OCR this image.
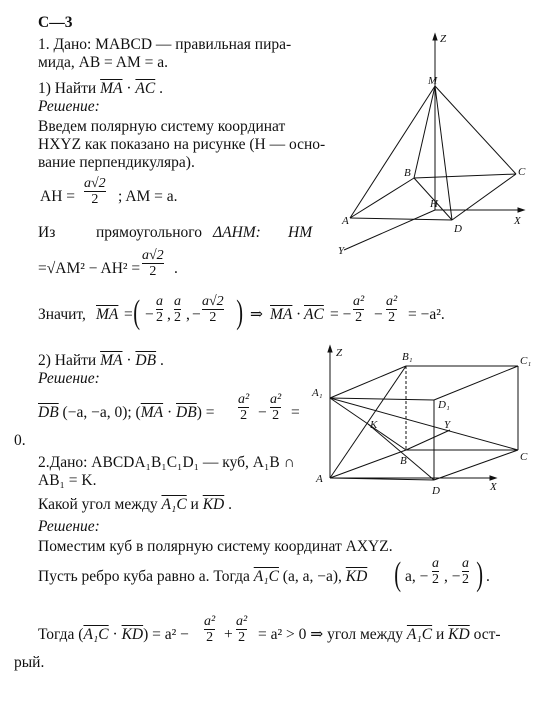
С—3
1. Дано: MABCD — правильная пира-
мида, AB = AM = a.
1) Найти $\overline{MA} \cdot \overline{AC}$ .
Решение:
Введем полярную систему координат
HXYZ как показано на рисунке (H — осно-
вание перпендикуляра).
AH =
a√2
2 ; AM = a.
Из	прямоугольного ΔAHM: HM
=√AM² − AH² =
a√2
2 .
Значит, $\overline{MA}$ = ( −
a
2 ,
a
2 , −
a√2
2 ) ⇒ $\overline{MA} \cdot \overline{AC}$ = −
a²
2 −
a²
2 = −a².
2) Найти $\overline{MA} \cdot \overline{DB}$ .
Решение:
$\overline{DB}$ (−a, −a, 0); $(\overline{MA} \cdot \overline{DB})$ =
a²
2 −
a²
2 =
0.
2.Дано: ABCDA₁B₁C₁D₁ — куб, A₁B ∩
AB₁ = K.
Какой угол между A₁C и $\overline{KD}$ .
Решение:
Поместим куб в полярную систему координат AXYZ.
Пусть ребро куба равно a. Тогда A₁C (a, a, −a), $\overline{KD}$ ( a, −
a
2 , −
a
2 ) .
Тогда $(A_1C \cdot \overline{KD}) = a^2$ −
a²
2 +
a²
2 = a² > 0 ⇒ угол между A₁C и $\overline{KD}$ ост-
рый.
Z
M
B	C
H
X
A
D
Y
Z	B₁	C₁
A₁
D₁
K	Y
B	C
A
D	X
